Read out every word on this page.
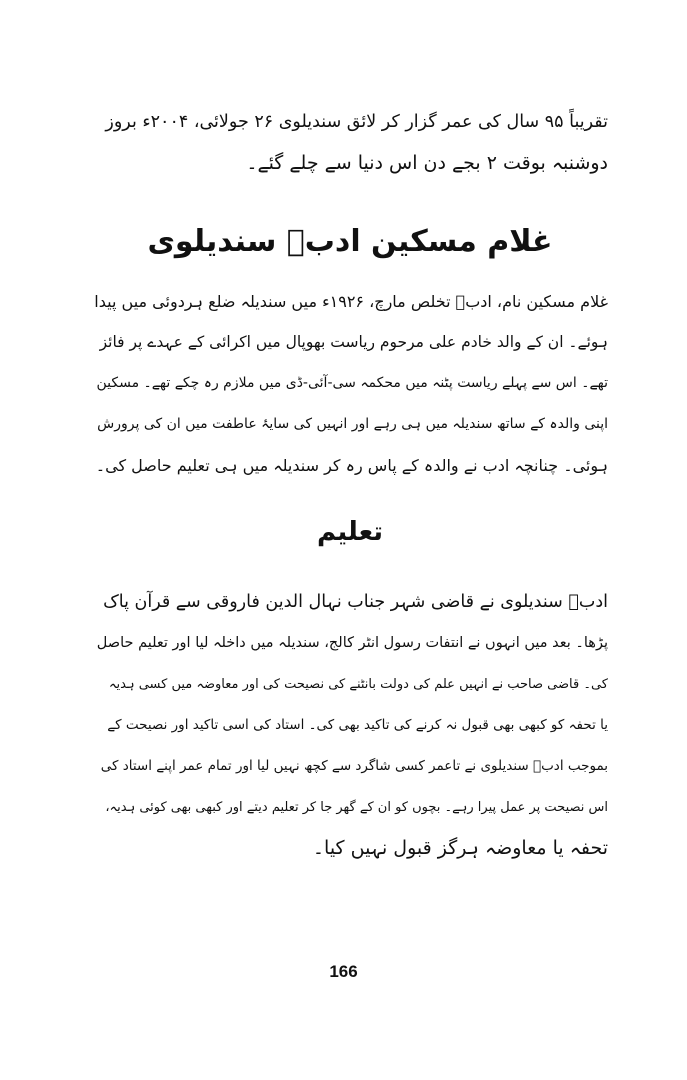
تقریباً ۹۵ سال کی عمر گزار کر لائق سندیلوی ۲۶ جولائی، ۲۰۰۴ء بروز
دوشنبہ بوقت ۲ بجے دن اس دنیا سے چلے گئے۔

غلام مسکین ادبؔ سندیلوی

غلام مسکین نام، ادبؔ تخلص مارچ، ۱۹۲۶ء میں سندیلہ ضلع ہردوئی میں پیدا
ہوئے۔ ان کے والد خادم علی مرحوم ریاست بھوپال میں اکرائی کے عہدے پر فائز
تھے۔ اس سے پہلے ریاست پٹنہ میں محکمہ سی-آئی-ڈی میں ملازم رہ چکے تھے۔ مسکین
اپنی والدہ کے ساتھ سندیلہ میں ہی رہے اور انہیں کی سایۂ عاطفت میں ان کی پرورش
ہوئی۔ چنانچہ ادب نے والدہ کے پاس رہ کر سندیلہ میں ہی تعلیم حاصل کی۔

تعلیم

ادبؔ سندیلوی نے قاضی شہر جناب نہال الدین فاروقی سے قرآن پاک
پڑھا۔ بعد میں انہوں نے انتفات رسول انٹر کالج، سندیلہ میں داخلہ لیا اور تعلیم حاصل
کی۔ قاضی صاحب نے انہیں علم کی دولت بانٹنے کی نصیحت کی اور معاوضہ میں کسی ہدیہ
یا تحفہ کو کبھی بھی قبول نہ کرنے کی تاکید بھی کی۔ استاد کی اسی تاکید اور نصیحت کے
بموجب ادبؔ سندیلوی نے تاعمر کسی شاگرد سے کچھ نہیں لیا اور تمام عمر اپنے استاد کی
اس نصیحت پر عمل پیرا رہے۔ بچوں کو ان کے گھر جا کر تعلیم دیتے اور کبھی بھی کوئی ہدیہ،
تحفہ یا معاوضہ ہرگز قبول نہیں کیا۔

166
